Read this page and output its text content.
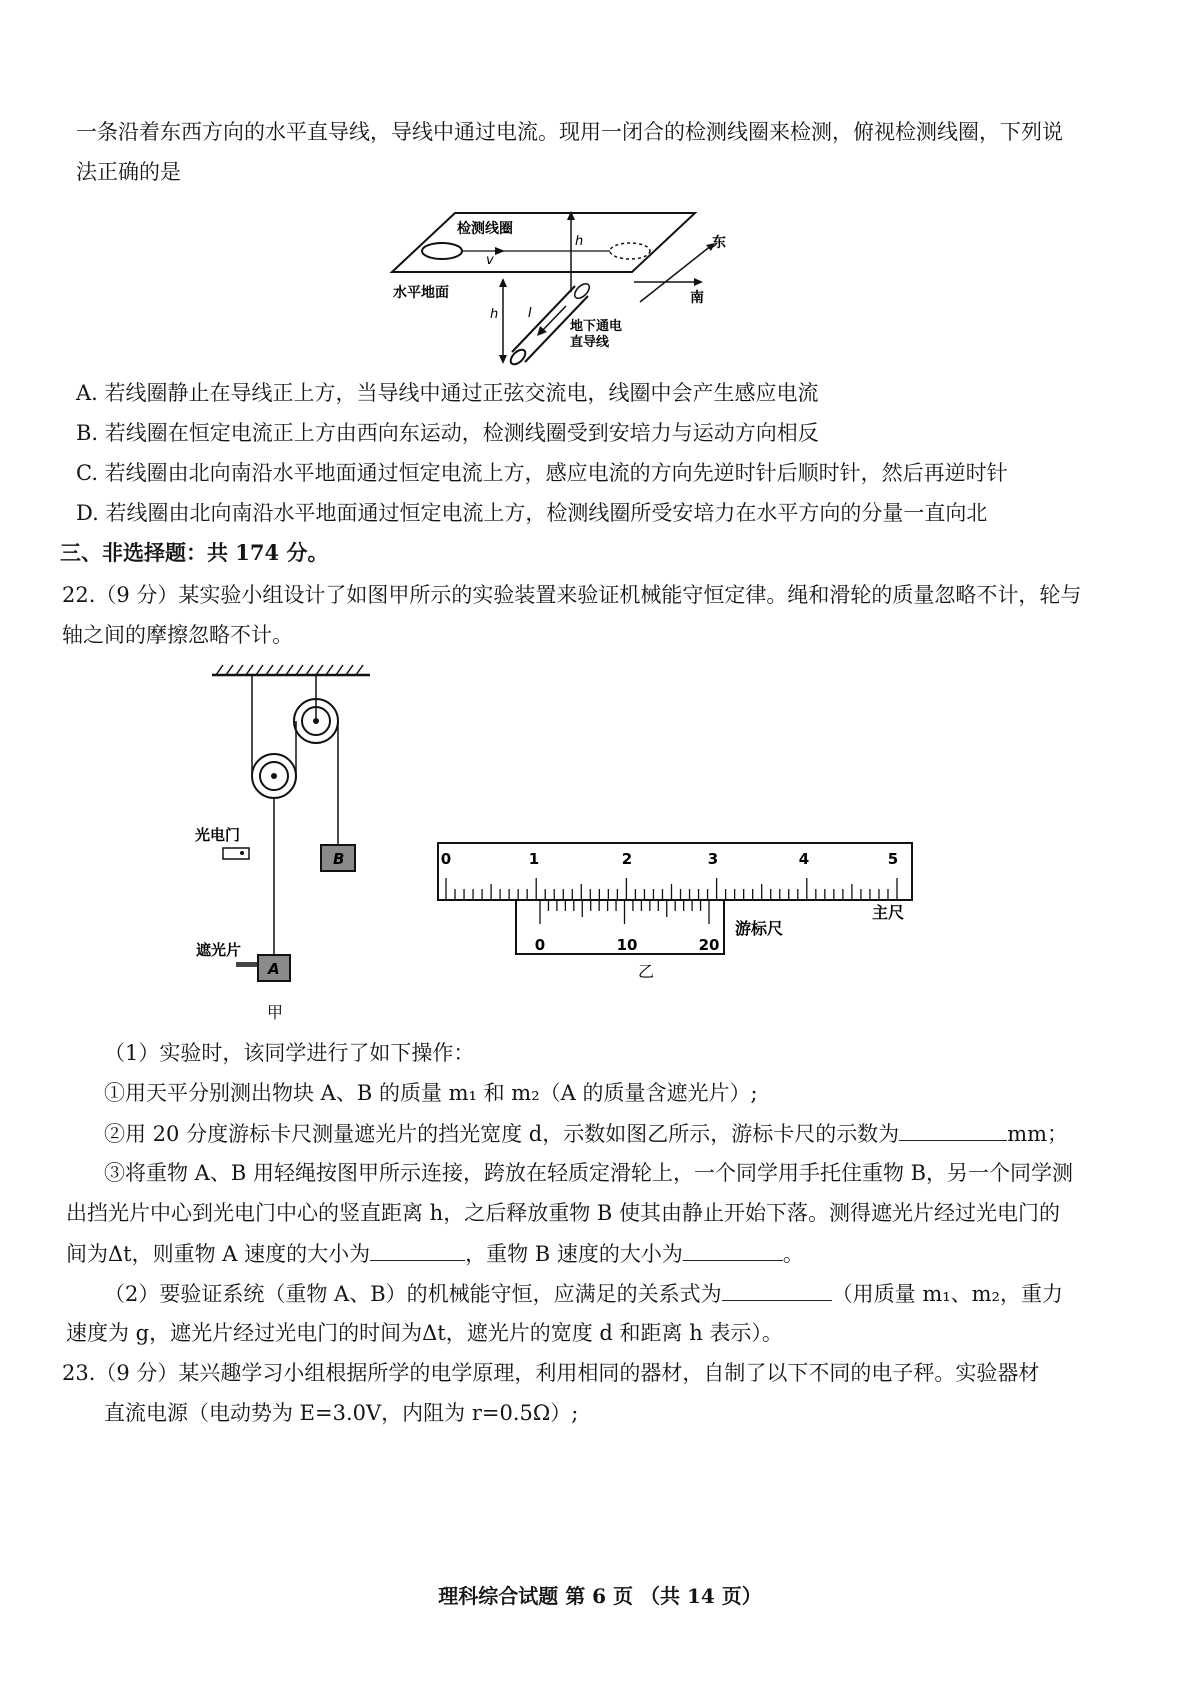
一条沿着东西方向的水平直导线，导线中通过电流。现用一闭合的检测线圈来检测，俯视检测线圈，下列说
法正确的是
检测线圈
h
v
水平地面
h I
地下通电
直导线
东
南
A. 若线圈静止在导线正上方，当导线中通过正弦交流电，线圈中会产生感应电流
B. 若线圈在恒定电流正上方由西向东运动，检测线圈受到安培力与运动方向相反
C. 若线圈由北向南沿水平地面通过恒定电流上方，感应电流的方向先逆时针后顺时针，然后再逆时针
D. 若线圈由北向南沿水平地面通过恒定电流上方，检测线圈所受安培力在水平方向的分量一直向北
三、非选择题：共 174 分。
22.（9 分）某实验小组设计了如图甲所示的实验装置来验证机械能守恒定律。绳和滑轮的质量忽略不计，轮与
轴之间的摩擦忽略不计。
B
光电门
A
遮光片
甲
0	1	2	3	4	5
0	10	20
主尺
游标尺
乙
（1）实验时，该同学进行了如下操作：
①用天平分别测出物块 A、B 的质量 m₁ 和 m₂（A 的质量含遮光片）;
②用 20 分度游标卡尺测量遮光片的挡光宽度 d，示数如图乙所示，游标卡尺的示数为	mm；
③将重物 A、B 用轻绳按图甲所示连接，跨放在轻质定滑轮上，一个同学用手托住重物 B，另一个同学测
出挡光片中心到光电门中心的竖直距离 h，之后释放重物 B 使其由静止开始下落。测得遮光片经过光电门的
间为Δt，则重物 A 速度的大小为	，重物 B 速度的大小为	。
（2）要验证系统（重物 A、B）的机械能守恒，应满足的关系式为	（用质量 m₁、m₂，重力
速度为 g，遮光片经过光电门的时间为Δt，遮光片的宽度 d 和距离 h 表示）。
23.（9 分）某兴趣学习小组根据所学的电学原理，利用相同的器材，自制了以下不同的电子秤。实验器材
直流电源（电动势为 E=3.0V，内阻为 r=0.5Ω）;
理科综合试题 第 6 页 （共 14 页）
